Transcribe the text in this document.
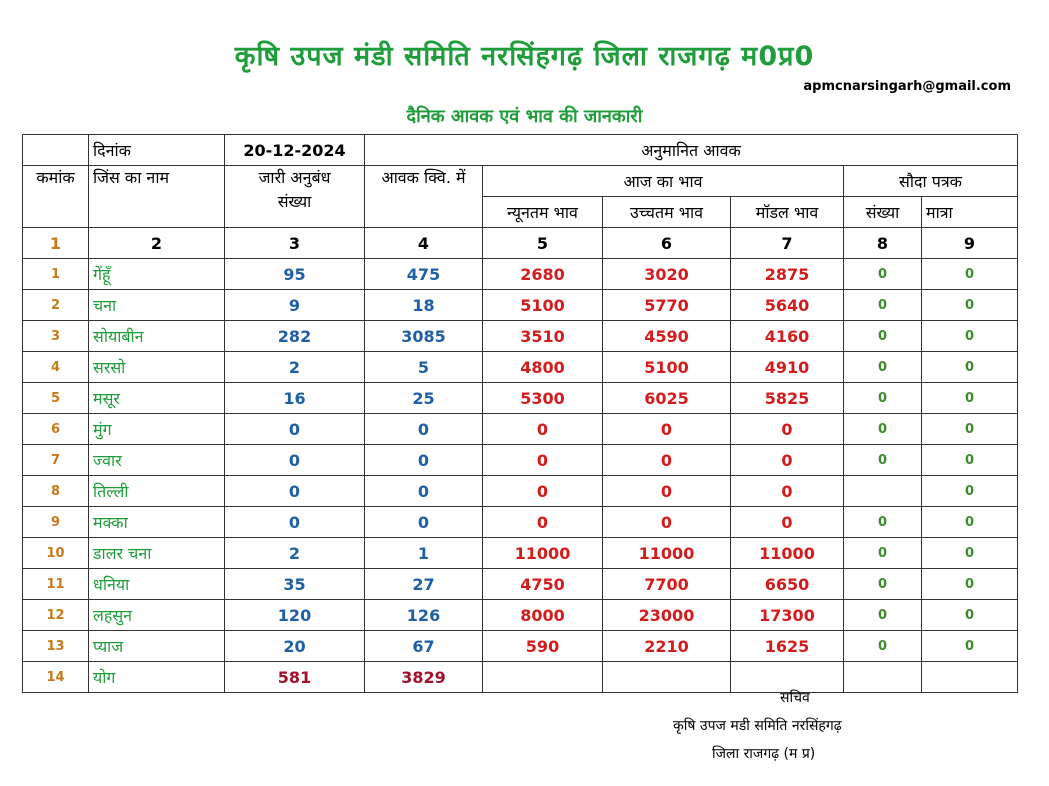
कृषि उपज मंडी समिति नरसिंहगढ़ जिला राजगढ़ म0प्र0
apmcnarsingarh@gmail.com
दैनिक आवक एवं भाव की जानकारी
	दिनांक	20-12-2024	अनुमानित आवक					
कमांक	जिंस का नाम	जारी अनुबंध संख्या	आवक क्वि. में	आज का भाव			सौदा पत्रक	
				न्यूनतम भाव	उच्चतम भाव	मॉडल भाव	संख्या	मात्रा
1	2	3	4	5	6	7	8	9
1	गेंहूँ	95	475	2680	3020	2875	0	0
2	चना	9	18	5100	5770	5640	0	0
3	सोयाबीन	282	3085	3510	4590	4160	0	0
4	सरसो	2	5	4800	5100	4910	0	0
5	मसूर	16	25	5300	6025	5825	0	0
6	मुंग	0	0	0	0	0	0	0
7	ज्वार	0	0	0	0	0	0	0
8	तिल्ली	0	0	0	0	0		0
9	मक्का	0	0	0	0	0	0	0
10	डालर चना	2	1	11000	11000	11000	0	0
11	धनिया	35	27	4750	7700	6650	0	0
12	लहसुन	120	126	8000	23000	17300	0	0
13	प्याज	20	67	590	2210	1625	0	0
14	योग	581	3829					
सचिव
कृषि उपज मडी समिति नरसिंहगढ़
जिला राजगढ़ (म प्र)
